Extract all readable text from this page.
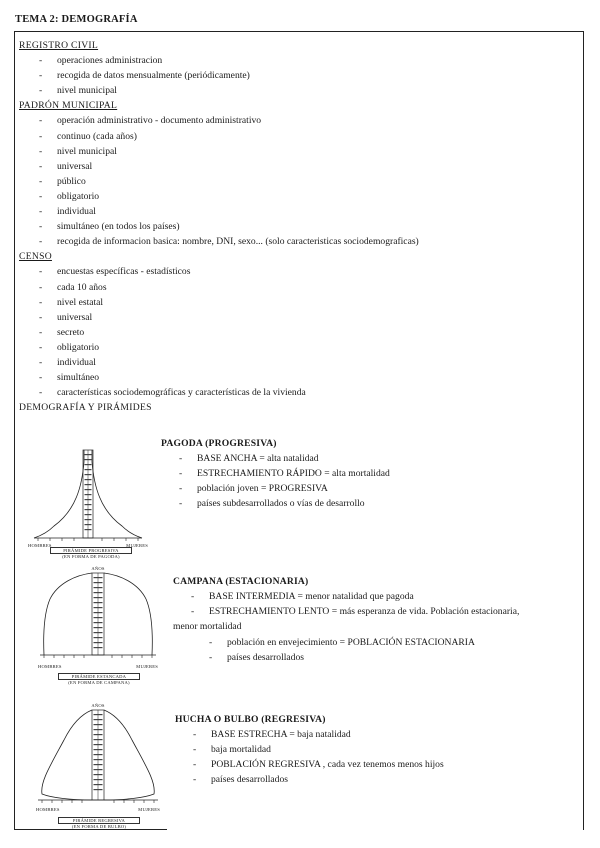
TEMA 2: DEMOGRAFÍA
REGISTRO CIVIL
- operaciones administracion
- recogida de datos mensualmente (periódicamente)
- nivel municipal
PADRÓN MUNICIPAL
- operación administrativo - documento administrativo
- continuo (cada años)
- nivel municipal
- universal
- público
- obligatorio
- individual
- simultáneo (en todos los países)
- recogida de informacion basica: nombre, DNI, sexo... (solo caracteristicas sociodemograficas)
CENSO
- encuestas específicas - estadísticos
- cada 10 años
- nivel estatal
- universal
- secreto
- obligatorio
- individual
- simultáneo
- características sociodemográficas y características de la vivienda
DEMOGRAFÍA Y PIRÁMIDES
HOMBRES	MUJERES
PIRÁMIDE PROGRESIVA
(EN FORMA DE PAGODA)
PAGODA (PROGRESIVA)
- BASE ANCHA = alta natalidad
- ESTRECHAMIENTO RÁPIDO = alta mortalidad
- población joven = PROGRESIVA
- países subdesarrollados o vías de desarrollo
AÑOS
HOMBRES	MUJERES
PIRÁMIDE ESTANCADA
(EN FORMA DE CAMPANA)
CAMPANA (ESTACIONARIA)
- BASE INTERMEDIA = menor natalidad que pagoda
- ESTRECHAMIENTO LENTO = más esperanza de vida. Población estacionaria,
menor mortalidad
- población en envejecimiento = POBLACIÓN ESTACIONARIA
- países desarrollados
AÑOS
HOMBRES	MUJERES
PIRÁMIDE REGRESIVA
(EN FORMA DE BULBO)
HUCHA O BULBO (REGRESIVA)
- BASE ESTRECHA = baja natalidad
- baja mortalidad
- POBLACIÓN REGRESIVA , cada vez tenemos menos hijos
- países desarrollados
